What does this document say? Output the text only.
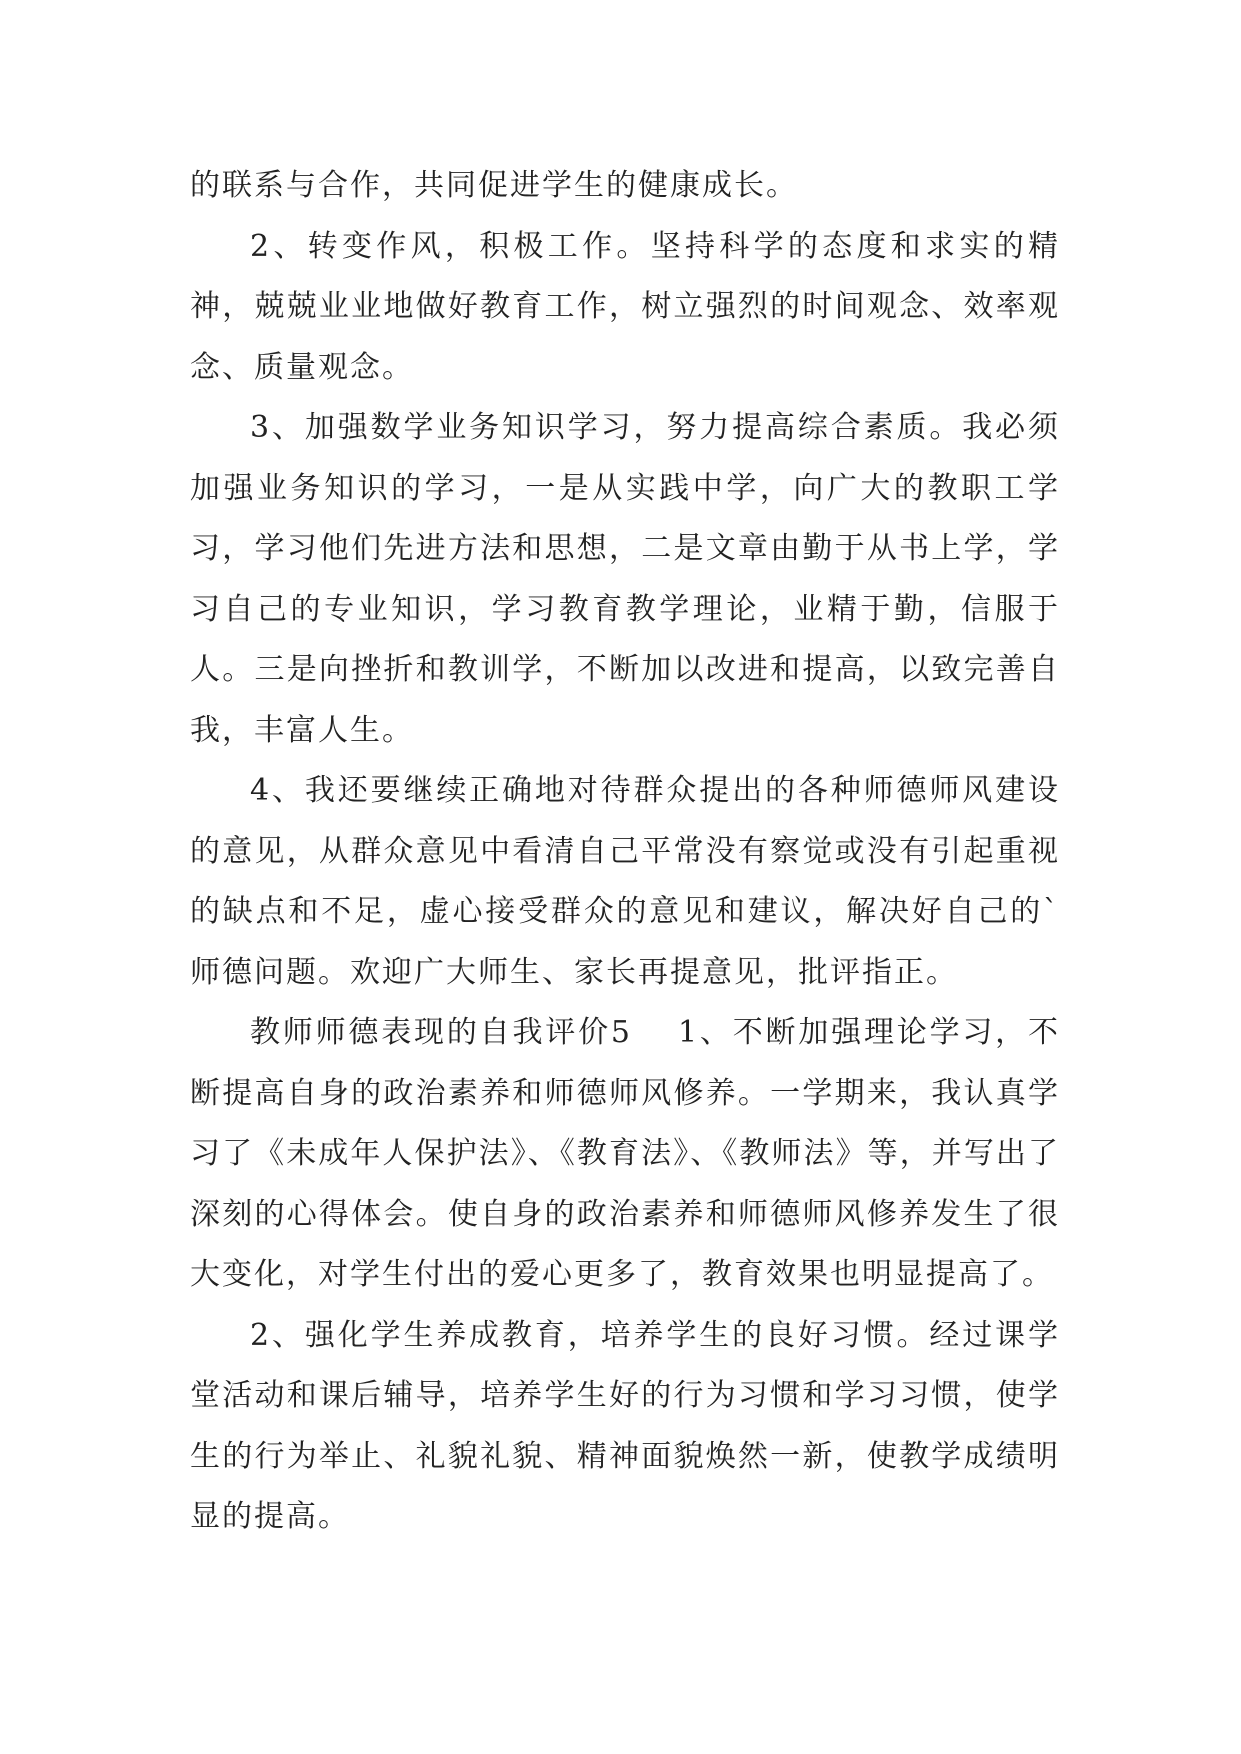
的联系与合作，共同促进学生的健康成长。

2、转变作风，积极工作。坚持科学的态度和求实的精神，兢兢业业地做好教育工作，树立强烈的时间观念、效率观念、质量观念。

3、加强数学业务知识学习，努力提高综合素质。我必须加强业务知识的学习，一是从实践中学，向广大的教职工学习，学习他们先进方法和思想，二是文章由勤于从书上学，学习自己的专业知识，学习教育教学理论，业精于勤，信服于人。三是向挫折和教训学，不断加以改进和提高，以致完善自我，丰富人生。

4、我还要继续正确地对待群众提出的各种师德师风建设的意见，从群众意见中看清自己平常没有察觉或没有引起重视的缺点和不足，虚心接受群众的意见和建议，解决好自己的`师德问题。欢迎广大师生、家长再提意见，批评指正。

教师师德表现的自我评价5 1、不断加强理论学习，不断提高自身的政治素养和师德师风修养。一学期来，我认真学习了《未成年人保护法》、《教育法》、《教师法》等，并写出了深刻的心得体会。使自身的政治素养和师德师风修养发生了很大变化，对学生付出的爱心更多了，教育效果也明显提高了。

2、强化学生养成教育，培养学生的良好习惯。经过课学堂活动和课后辅导，培养学生好的行为习惯和学习习惯，使学生的行为举止、礼貌礼貌、精神面貌焕然一新，使教学成绩明显的提高。
